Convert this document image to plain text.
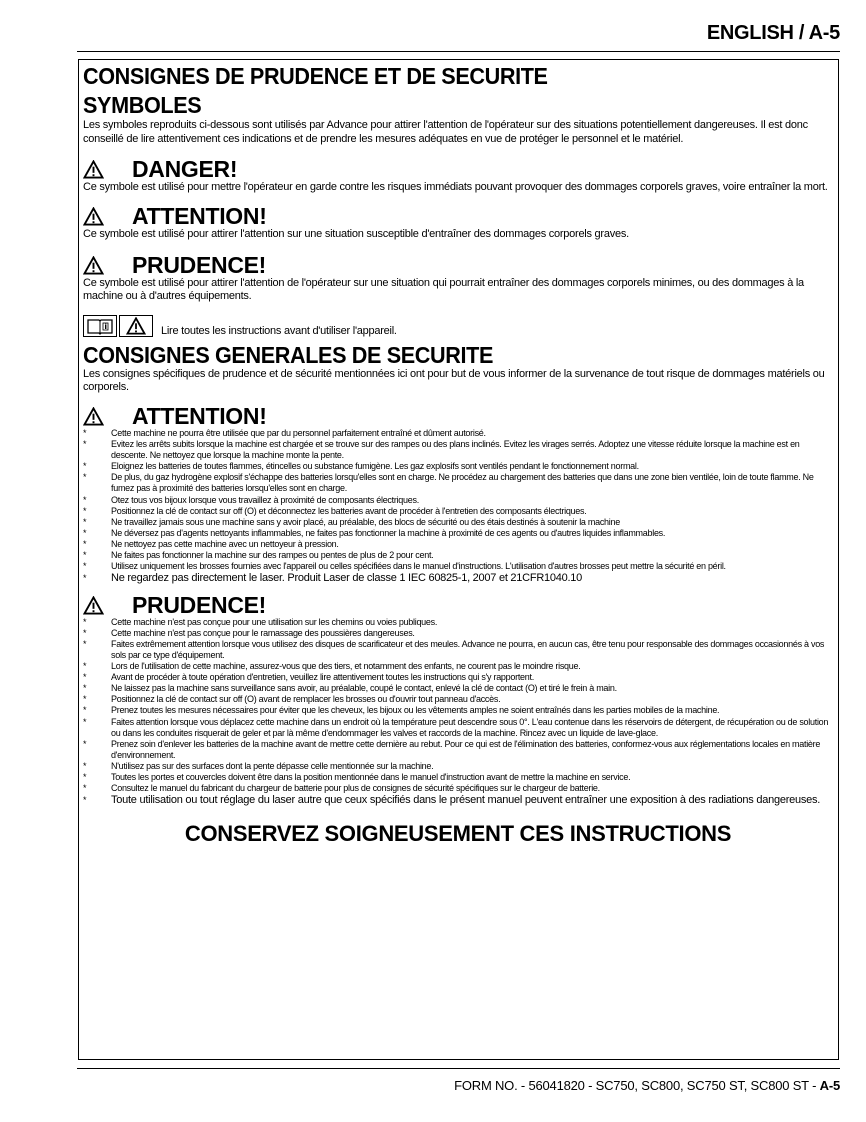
ENGLISH / A-5
CONSIGNES DE PRUDENCE ET DE SECURITE
SYMBOLES

Les symboles reproduits ci-dessous sont utilisés par Advance pour attirer l'attention de l'opérateur sur des situations potentiellement dangereuses. Il est donc conseillé de lire attentivement ces indications et de prendre les mesures adéquates en vue de protéger le personnel et le matériel.

DANGER!

Ce symbole est utilisé pour mettre l'opérateur en garde contre les risques immédiats pouvant provoquer des dommages corporels graves, voire entraîner la mort.

ATTENTION!

Ce symbole est utilisé pour attirer l'attention sur une situation susceptible d'entraîner des dommages corporels graves.

PRUDENCE!

Ce symbole est utilisé pour attirer l'attention de l'opérateur sur une situation qui pourrait entraîner des dommages corporels minimes, ou des dommages à la machine ou à d'autres équipements.

Lire toutes les instructions avant d'utiliser l'appareil.
CONSIGNES GENERALES DE SECURITE

Les consignes spécifiques de prudence et de sécurité mentionnées ici ont pour but de vous informer de la survenance de tout risque de dommages matériels ou corporels.

ATTENTION!
* Cette machine ne pourra être utilisée que par du personnel parfaitement entraîné et dûment autorisé.
* Evitez les arrêts subits lorsque la machine est chargée et se trouve sur des rampes ou des plans inclinés. Evitez les virages serrés. Adoptez une vitesse réduite lorsque la machine est en descente. Ne nettoyez que lorsque la machine monte la pente.
* Eloignez les batteries de toutes flammes, étincelles ou substance fumigène. Les gaz explosifs sont ventilés pendant le fonctionnement normal.
* De plus, du gaz hydrogène explosif s'échappe des batteries lorsqu'elles sont en charge. Ne procédez au chargement des batteries que dans une zone bien ventilée, loin de toute flamme. Ne fumez pas à proximité des batteries lorsqu'elles sont en charge.
* Otez tous vos bijoux lorsque vous travaillez à proximité de composants électriques.
* Positionnez la clé de contact sur off (O) et déconnectez les batteries avant de procéder à l'entretien des composants électriques.
* Ne travaillez jamais sous une machine sans y avoir placé, au préalable, des blocs de sécurité ou des étais destinés à soutenir la machine
* Ne déversez pas d'agents nettoyants inflammables, ne faites pas fonctionner la machine à proximité de ces agents ou d'autres liquides inflammables.
* Ne nettoyez pas cette machine avec un nettoyeur à pression.
* Ne faites pas fonctionner la machine sur des rampes ou pentes de plus de 2 pour cent.
* Utilisez uniquement les brosses fournies avec l'appareil ou celles spécifiées dans le manuel d'instructions. L'utilisation d'autres brosses peut mettre la sécurité en péril.
* Ne regardez pas directement le laser. Produit Laser de classe 1 IEC 60825-1, 2007 et 21CFR1040.10
PRUDENCE!
* Cette machine n'est pas conçue pour une utilisation sur les chemins ou voies publiques.
* Cette machine n'est pas conçue pour le ramassage des poussières dangereuses.
* Faites extrêmement attention lorsque vous utilisez des disques de scarificateur et des meules. Advance ne pourra, en aucun cas, être tenu pour responsable des dommages occasionnés à vos sols par ce type d'équipement.
* Lors de l'utilisation de cette machine, assurez-vous que des tiers, et notamment des enfants, ne courent pas le moindre risque.
* Avant de procéder à toute opération d'entretien, veuillez lire attentivement toutes les instructions qui s'y rapportent.
* Ne laissez pas la machine sans surveillance sans avoir, au préalable, coupé le contact, enlevé la clé de contact (O) et tiré le frein à main.
* Positionnez la clé de contact sur off (O) avant de remplacer les brosses ou d'ouvrir tout panneau d'accès.
* Prenez toutes les mesures nécessaires pour éviter que les cheveux, les bijoux ou les vêtements amples ne soient entraînés dans les parties mobiles de la machine.
* Faites attention lorsque vous déplacez cette machine dans un endroit où la température peut descendre sous 0°. L'eau contenue dans les réservoirs de détergent, de récupération ou de solution ou dans les conduites risquerait de geler et par là même d'endommager les valves et raccords de la machine. Rincez avec un liquide de lave-glace.
* Prenez soin d'enlever les batteries de la machine avant de mettre cette dernière au rebut. Pour ce qui est de l'élimination des batteries, conformez-vous aux réglementations locales en matière d'environnement.
* N'utilisez pas sur des surfaces dont la pente dépasse celle mentionnée sur la machine.
* Toutes les portes et couvercles doivent être dans la position mentionnée dans le manuel d'instruction avant de mettre la machine en service.
* Consultez le manuel du fabricant du chargeur de batterie pour plus de consignes de sécurité spécifiques sur le chargeur de batterie.
* Toute utilisation ou tout réglage du laser autre que ceux spécifiés dans le présent manuel peuvent entraîner une exposition à des radiations dangereuses.
CONSERVEZ SOIGNEUSEMENT CES INSTRUCTIONS
FORM NO. - 56041820 - SC750, SC800, SC750 ST, SC800 ST - A-5
